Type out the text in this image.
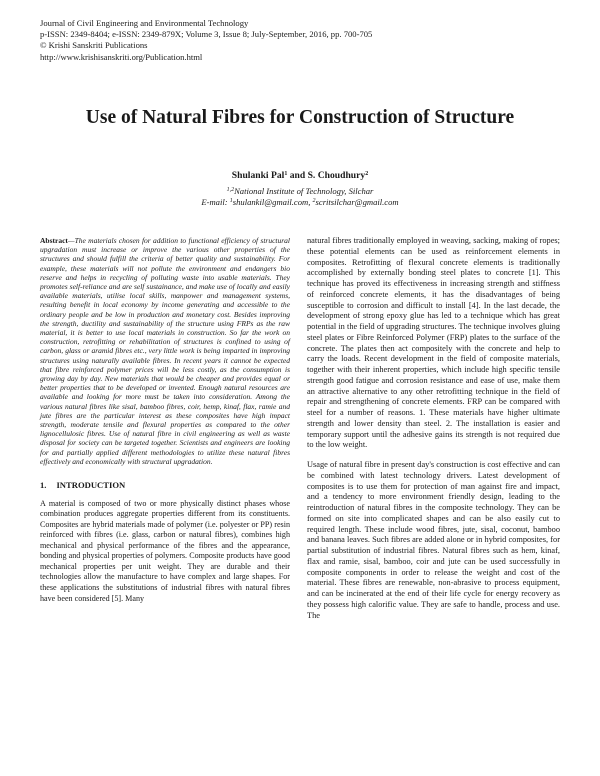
Journal of Civil Engineering and Environmental Technology
p-ISSN: 2349-8404; e-ISSN: 2349-879X; Volume 3, Issue 8; July-September, 2016, pp. 700-705
© Krishi Sanskriti Publications
http://www.krishisanskriti.org/Publication.html
Use of Natural Fibres for Construction of Structure
Shulanki Pal$^1$ and S. Choudhury$^2$
$^{1,2}$National Institute of Technology, Silchar
E-mail: $^1$shulankil@gmail.com, $^2$scritsilchar@gmail.com

Abstract—The materials chosen for addition to functional efficiency of structural upgradation must increase or improve the various other properties of the structures and should fulfill the criteria of better quality and sustainability. For example, these materials will not pollute the environment and endangers bio reserve and helps in recycling of polluting waste into usable materials. They promotes self-reliance and are self sustainance, and make use of locally and easily available materials, utilise local skills, manpower and management systems, resulting benefit in local economy by income generating and accessible to the ordinary people and be low in production and monetary cost. Besides improving the strength, ductility and sustainability of the structure using FRPs as the raw material, it is better to use local materials in construction. So far the work on construction, retrofitting or rehabilitation of structures is confined to using of carbon, glass or aramid fibres etc., very little work is being imparted in improving structures using naturally available fibres. In recent years it cannot be expected that fibre reinforced polymer prices will be less costly, as the consumption is growing day by day. New materials that would be cheaper and provides equal or better properties that to be developed or invented. Enough natural resources are available and looking for more must be taken into consideration. Among the various natural fibres like sisal, bamboo fibres, coir, hemp, kinaf, flax, ramie and jute fibres are the particular interest as these composites have high impact strength, moderate tensile and flexural properties as compared to the other lignocellulosic fibres. Use of natural fibre in civil engineering as well as waste disposal for society can be targeted together. Scientists and engineers are looking for and partially applied different methodologies to utilize these natural fibres effectively and economically with structural upgradation.

1. INTRODUCTION

A material is composed of two or more physically distinct phases whose combination produces aggregate properties different from its constituents. Composites are hybrid materials made of polymer (i.e. polyester or PP) resin reinforced with fibres (i.e. glass, carbon or natural fibres), combines high mechanical and physical performance of the fibres and the appearance, bonding and physical properties of polymers. Composite products have good mechanical properties per unit weight. They are durable and their technologies allow the manufacture to have complex and large shapes. For these applications the substitutions of industrial fibres with natural fibres have been considered [5]. Many

natural fibres traditionally employed in weaving, sacking, making of ropes; these potential elements can be used as reinforcement elements in composites. Retrofitting of flexural concrete elements is traditionally accomplished by externally bonding steel plates to concrete [1]. This technique has proved its effectiveness in increasing strength and stiffness of reinforced concrete elements, it has the disadvantages of being susceptible to corrosion and difficult to install [4]. In the last decade, the development of strong epoxy glue has led to a technique which has great potential in the field of upgrading structures. The technique involves gluing steel plates or Fibre Reinforced Polymer (FRP) plates to the surface of the concrete. The plates then act compositely with the concrete and help to carry the loads. Recent development in the field of composite materials, together with their inherent properties, which include high specific tensile strength good fatigue and corrosion resistance and ease of use, make them an attractive alternative to any other retrofitting technique in the field of repair and strengthening of concrete elements. FRP can be compared with steel for a number of reasons. 1. These materials have higher ultimate strength and lower density than steel. 2. The installation is easier and temporary support until the adhesive gains its strength is not required due to the low weight.

Usage of natural fibre in present day's construction is cost effective and can be combined with latest technology drivers. Latest development of composites is to use them for protection of man against fire and impact, and a tendency to more environment friendly design, leading to the reintroduction of natural fibres in the composite technology. They can be formed on site into complicated shapes and can be also easily cut to required length. These include wood fibres, jute, sisal, coconut, bamboo and banana leaves. Such fibres are added alone or in hybrid composites, for partial substitution of industrial fibres. Natural fibres such as hem, kinaf, flax and ramie, sisal, bamboo, coir and jute can be used successfully in composite components in order to release the weight and cost of the material. These fibres are renewable, non-abrasive to process equipment, and can be incinerated at the end of their life cycle for energy recovery as they possess high calorific value. They are safe to handle, process and use. The
